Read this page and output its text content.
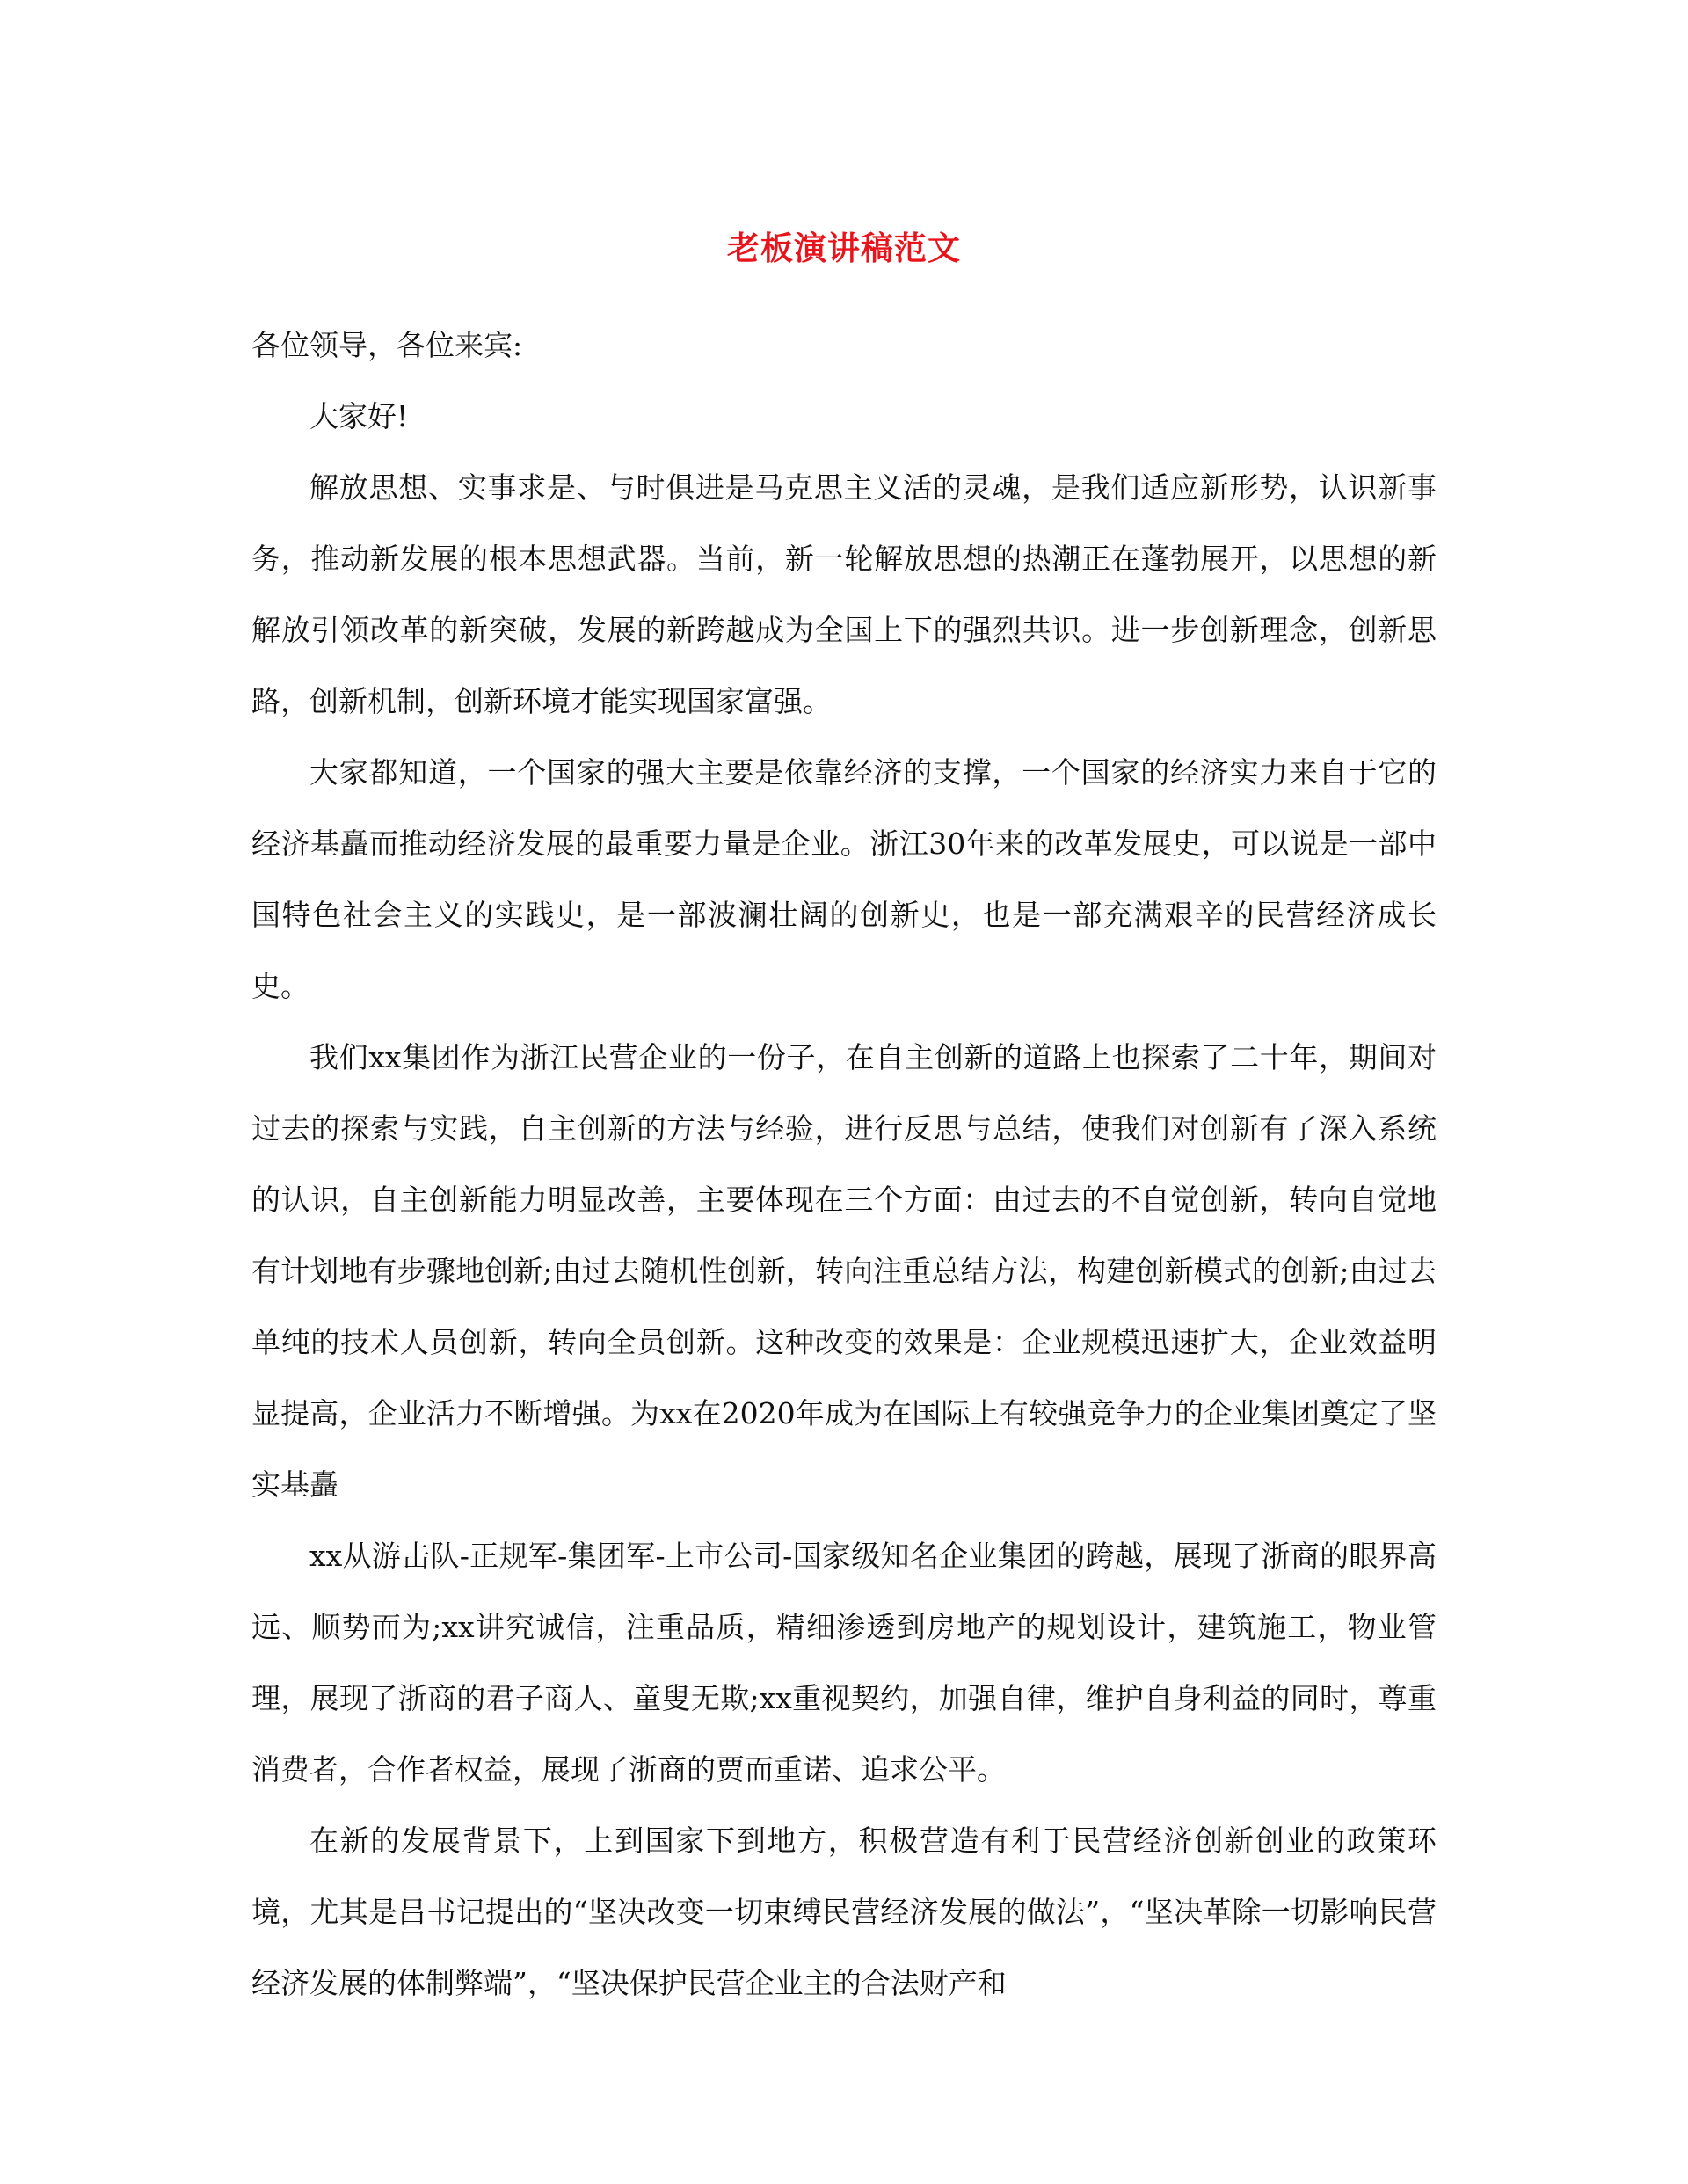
老板演讲稿范文

各位领导，各位来宾:

大家好!

解放思想、实事求是、与时俱进是马克思主义活的灵魂，是我们适应新形势，认识新事务，推动新发展的根本思想武器。当前，新一轮解放思想的热潮正在蓬勃展开，以思想的新解放引领改革的新突破，发展的新跨越成为全国上下的强烈共识。进一步创新理念，创新思路，创新机制，创新环境才能实现国家富强。

大家都知道，一个国家的强大主要是依靠经济的支撑，一个国家的经济实力来自于它的经济基矗而推动经济发展的最重要力量是企业。浙江30年来的改革发展史，可以说是一部中国特色社会主义的实践史，是一部波澜壮阔的创新史，也是一部充满艰辛的民营经济成长史。

我们xx集团作为浙江民营企业的一份子，在自主创新的道路上也探索了二十年，期间对过去的探索与实践，自主创新的方法与经验，进行反思与总结，使我们对创新有了深入系统的认识，自主创新能力明显改善，主要体现在三个方面：由过去的不自觉创新，转向自觉地有计划地有步骤地创新;由过去随机性创新，转向注重总结方法，构建创新模式的创新;由过去单纯的技术人员创新，转向全员创新。这种改变的效果是：企业规模迅速扩大，企业效益明显提高，企业活力不断增强。为xx在2020年成为在国际上有较强竞争力的企业集团奠定了坚实基矗

xx从游击队-正规军-集团军-上市公司-国家级知名企业集团的跨越，展现了浙商的眼界高远、顺势而为;xx讲究诚信，注重品质，精细渗透到房地产的规划设计，建筑施工，物业管理，展现了浙商的君子商人、童叟无欺;xx重视契约，加强自律，维护自身利益的同时，尊重消费者，合作者权益，展现了浙商的贾而重诺、追求公平。

在新的发展背景下，上到国家下到地方，积极营造有利于民营经济创新创业的政策环境，尤其是吕书记提出的“坚决改变一切束缚民营经济发展的做法”，“坚决革除一切影响民营经济发展的体制弊端”，“坚决保护民营企业主的合法财产和
